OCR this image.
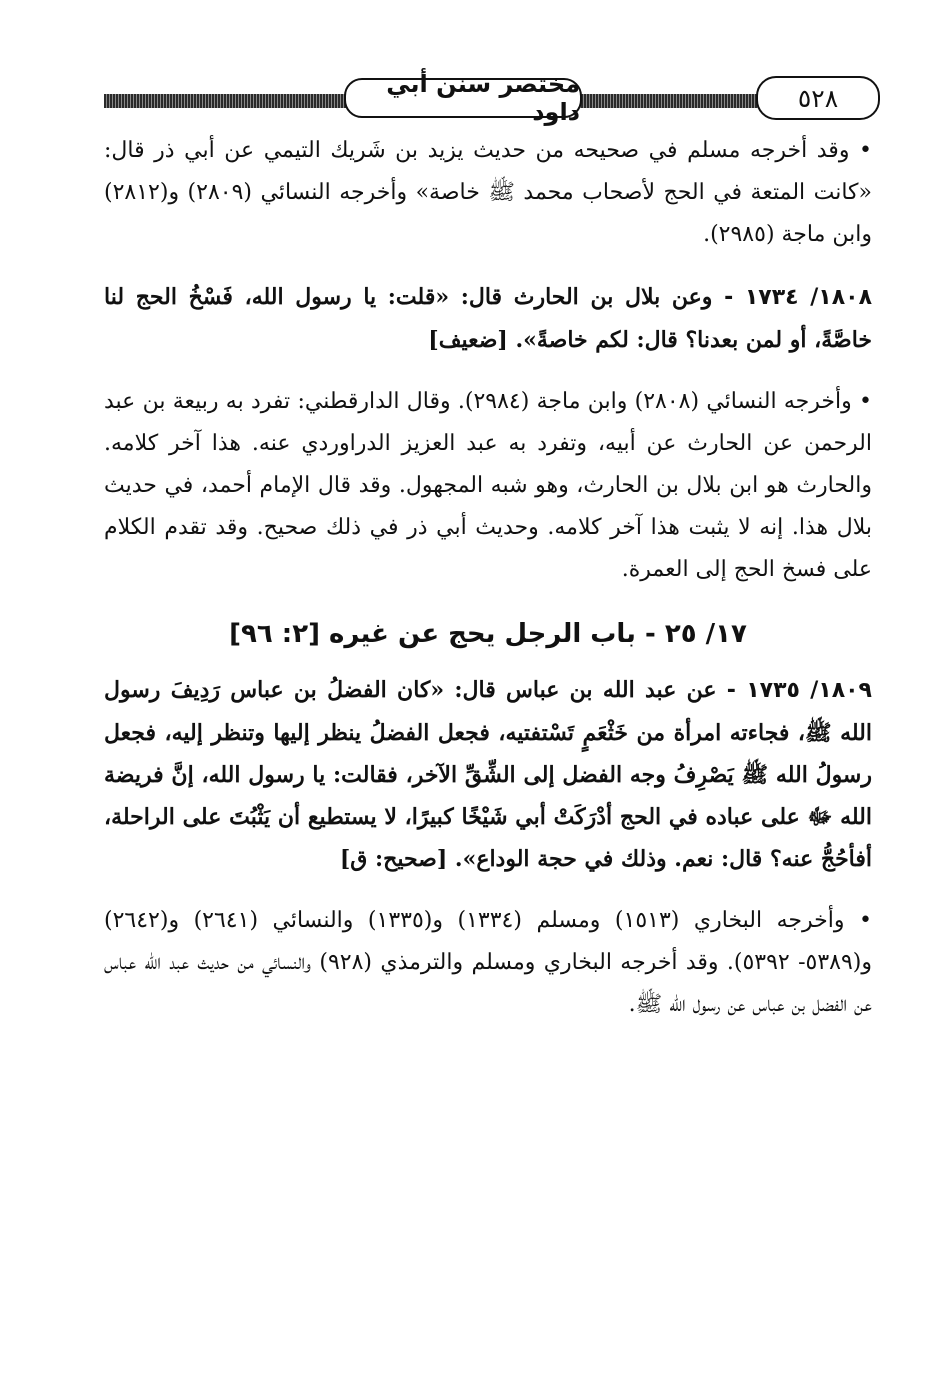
مختصر سنن أبي داود	٥٢٨

• وقد أخرجه مسلم في صحيحه من حديث يزيد بن شَريك التيمي عن أبي ذر قال: «كانت المتعة في الحج لأصحاب محمد ﷺ خاصة» وأخرجه النسائي (٢٨٠٩) و(٢٨١٢) وابن ماجة (٢٩٨٥).

١٨٠٨/ ١٧٣٤ - وعن بلال بن الحارث قال: «قلت: يا رسول الله، فَسْخُ الحج لنا خاصَّةً، أو لمن بعدنا؟ قال: لكم خاصةً». [ضعيف]

• وأخرجه النسائي (٢٨٠٨) وابن ماجة (٢٩٨٤). وقال الدارقطني: تفرد به ربيعة بن عبد الرحمن عن الحارث عن أبيه، وتفرد به عبد العزيز الدراوردي عنه. هذا آخر كلامه. والحارث هو ابن بلال بن الحارث، وهو شبه المجهول. وقد قال الإمام أحمد، في حديث بلال هذا. إنه لا يثبت هذا آخر كلامه. وحديث أبي ذر في ذلك صحيح. وقد تقدم الكلام على فسخ الحج إلى العمرة.

١٧/ ٢٥ - باب الرجل يحج عن غيره [٢: ٩٦]

١٨٠٩/ ١٧٣٥ - عن عبد الله بن عباس قال: «كان الفضلُ بن عباس رَدِيفَ رسول الله ﷺ، فجاءته امرأة من خَثْعَمٍ تَسْتفتيه، فجعل الفضلُ ينظر إليها وتنظر إليه، فجعل رسولُ الله ﷺ يَصْرِفُ وجه الفضل إلى الشِّقِّ الآخر، فقالت: يا رسول الله، إنَّ فريضة الله ﷻ على عباده في الحج أدْرَكَتْ أبي شَيْخًا كبيرًا، لا يستطيع أن يَثْبُتَ على الراحلة، أفأحُجُّ عنه؟ قال: نعم. وذلك في حجة الوداع». [صحيح: ق]

• وأخرجه البخاري (١٥١٣) ومسلم (١٣٣٤) و(١٣٣٥) والنسائي (٢٦٤١) و(٢٦٤٢) و(٥٣٨٩- ٥٣٩٢). وقد أخرجه البخاري ومسلم والترمذي (٩٢٨) والنسائي من حديث عبد الله عباس عن الفضل بن عباس عن رسول الله ﷺ.
